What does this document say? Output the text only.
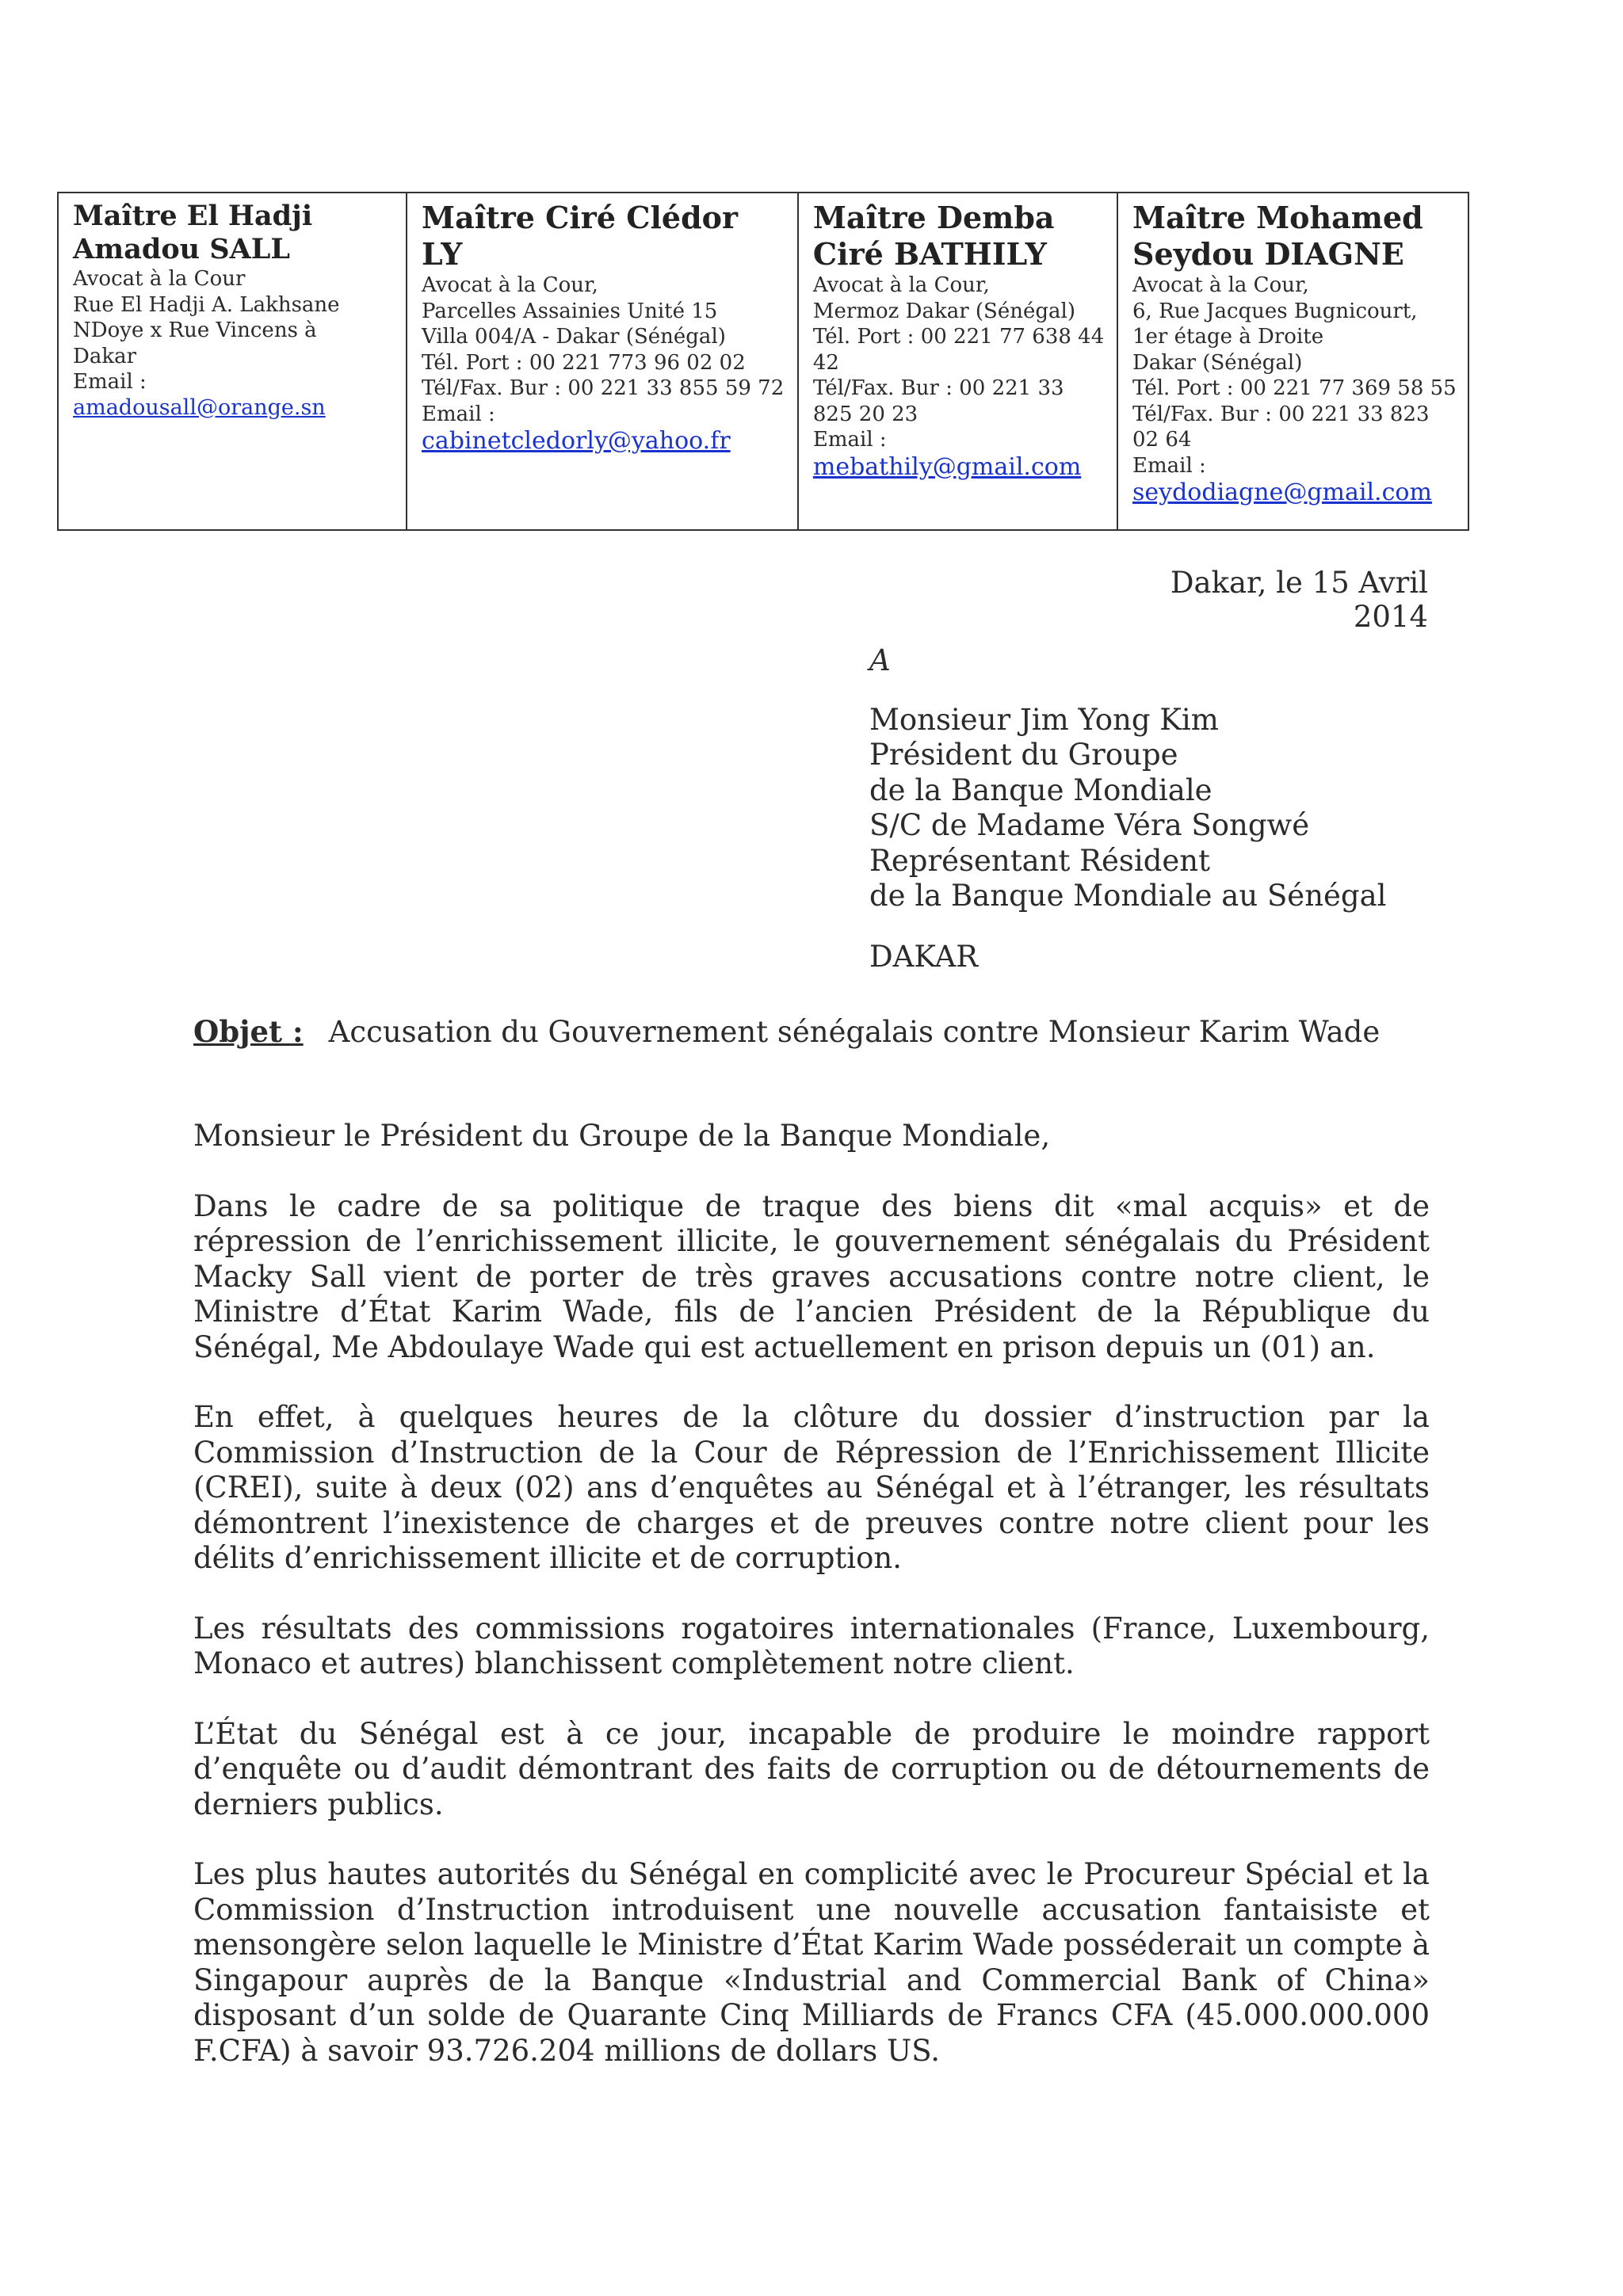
Maître El Hadji Amadou SALL
Avocat à la Cour
Rue El Hadji A. Lakhsane
NDoye x Rue Vincens à
Dakar
Email :
amadousall@orange.sn
Maître Ciré Clédor LY
Avocat à la Cour,
Parcelles Assainies Unité 15
Villa 004/A - Dakar (Sénégal)
Tél. Port : 00 221 773 96 02 02
Tél/Fax. Bur : 00 221 33 855 59 72
Email :
cabinetcledorly@yahoo.fr
Maître Demba Ciré BATHILY
Avocat à la Cour,
Mermoz Dakar (Sénégal)
Tél. Port : 00 221 77 638 44 42
Tél/Fax. Bur : 00 221 33 825 20 23
Email :
mebathily@gmail.com
Maître Mohamed Seydou DIAGNE
Avocat à la Cour,
6, Rue Jacques Bugnicourt,
1er étage à Droite
Dakar (Sénégal)
Tél. Port : 00 221 77 369 58 55
Tél/Fax. Bur : 00 221 33 823 02 64
Email :
seydodiagne@gmail.com
Dakar, le 15 Avril 2014
A
Monsieur Jim Yong Kim
Président du Groupe
de la Banque Mondiale
S/C de Madame Véra Songwé
Représentant Résident
de la Banque Mondiale au Sénégal
DAKAR
Objet : Accusation du Gouvernement sénégalais contre Monsieur Karim Wade

Monsieur le Président du Groupe de la Banque Mondiale,

Dans le cadre de sa politique de traque des biens dit «mal acquis» et de répression de l’enrichissement illicite, le gouvernement sénégalais du Président Macky Sall vient de porter de très graves accusations contre notre client, le Ministre d’État Karim Wade, fils de l’ancien Président de la République du Sénégal, Me Abdoulaye Wade qui est actuellement en prison depuis un (01) an.

En effet, à quelques heures de la clôture du dossier d’instruction par la Commission d’Instruction de la Cour de Répression de l’Enrichissement Illicite (CREI), suite à deux (02) ans d’enquêtes au Sénégal et à l’étranger, les résultats démontrent l’inexistence de charges et de preuves contre notre client pour les délits d’enrichissement illicite et de corruption.

Les résultats des commissions rogatoires internationales (France, Luxembourg, Monaco et autres) blanchissent complètement notre client.

L’État du Sénégal est à ce jour, incapable de produire le moindre rapport d’enquête ou d’audit démontrant des faits de corruption ou de détournements de derniers publics.

Les plus hautes autorités du Sénégal en complicité avec le Procureur Spécial et la Commission d’Instruction introduisent une nouvelle accusation fantaisiste et mensongère selon laquelle le Ministre d’État Karim Wade posséderait un compte à Singapour auprès de la Banque «Industrial and Commercial Bank of China» disposant d’un solde de Quarante Cinq Milliards de Francs CFA (45.000.000.000 F.CFA) à savoir 93.726.204 millions de dollars US.
